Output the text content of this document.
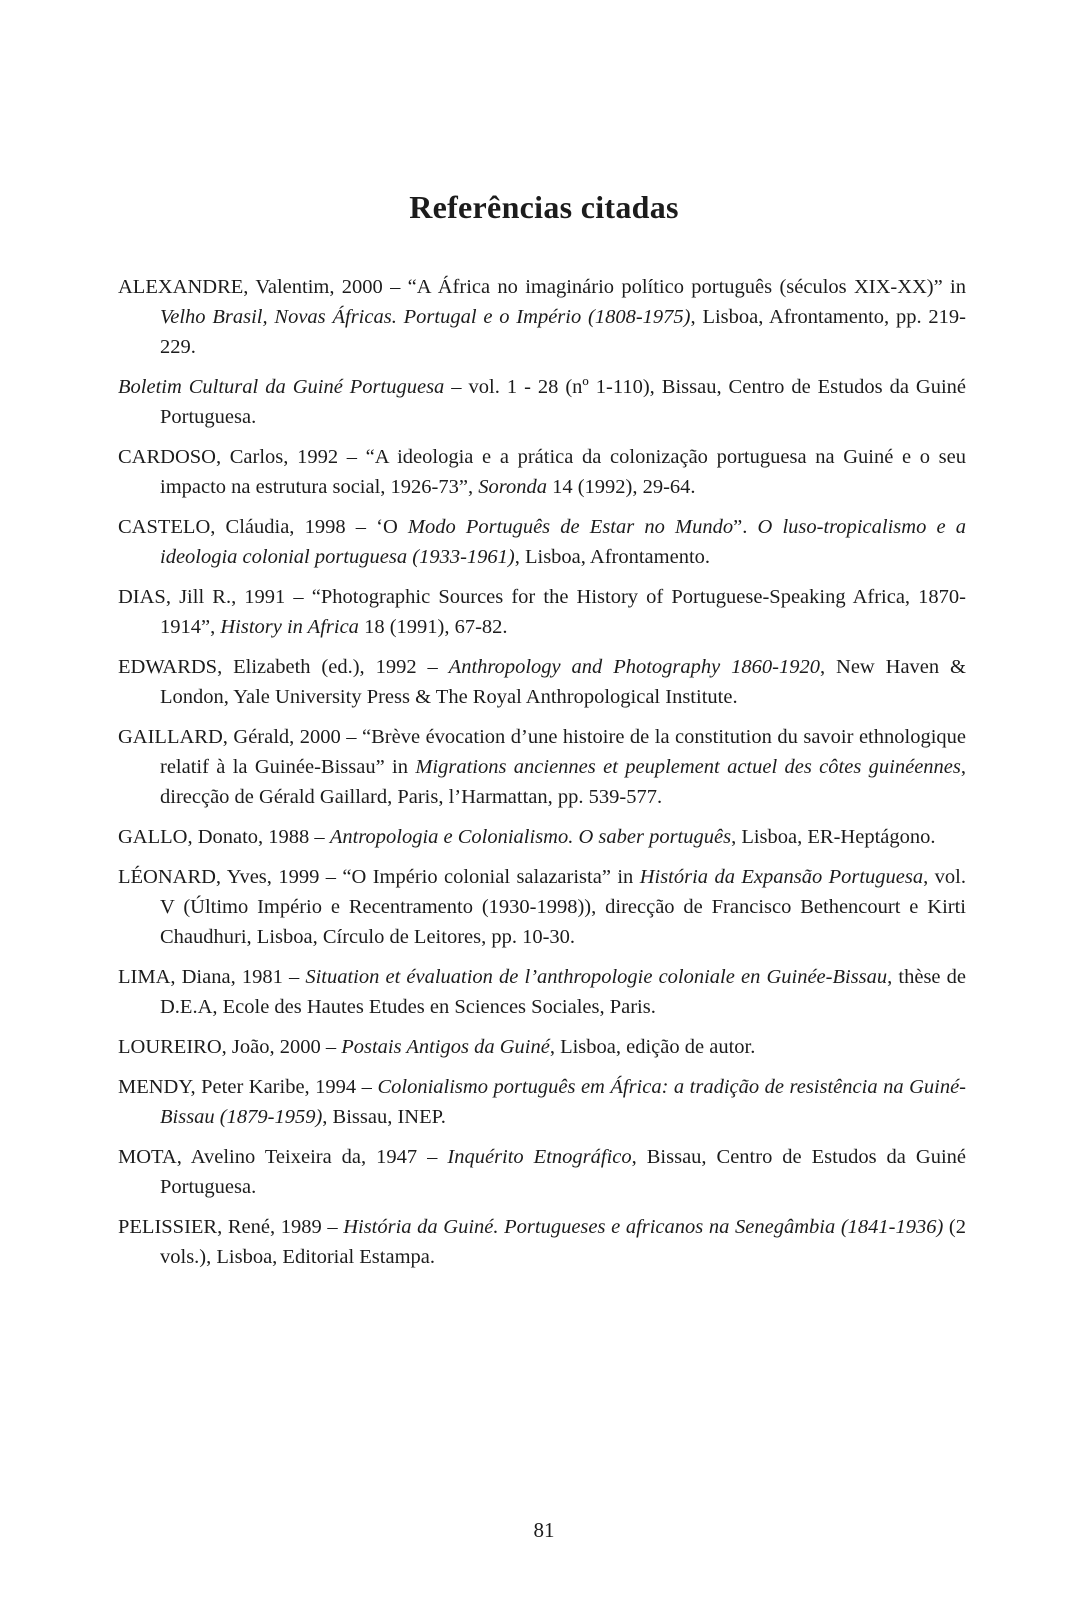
Referências citadas

ALEXANDRE, Valentim, 2000 – “A África no imaginário político português (séculos XIX-XX)” in Velho Brasil, Novas Áfricas. Portugal e o Império (1808-1975), Lisboa, Afrontamento, pp. 219-229.

Boletim Cultural da Guiné Portuguesa – vol. 1 - 28 (nº 1-110), Bissau, Centro de Estudos da Guiné Portuguesa.

CARDOSO, Carlos, 1992 – “A ideologia e a prática da colonização portuguesa na Guiné e o seu impacto na estrutura social, 1926-73”, Soronda 14 (1992), 29-64.

CASTELO, Cláudia, 1998 – ‘O Modo Português de Estar no Mundo”. O luso-tropicalismo e a ideologia colonial portuguesa (1933-1961), Lisboa, Afrontamento.

DIAS, Jill R., 1991 – “Photographic Sources for the History of Portuguese-Speaking Africa, 1870-1914”, History in Africa 18 (1991), 67-82.

EDWARDS, Elizabeth (ed.), 1992 – Anthropology and Photography 1860-1920, New Haven & London, Yale University Press & The Royal Anthropological Institute.

GAILLARD, Gérald, 2000 – “Brève évocation d’une histoire de la constitution du savoir ethnologique relatif à la Guinée-Bissau” in Migrations anciennes et peuplement actuel des côtes guinéennes, direcção de Gérald Gaillard, Paris, l’Harmattan, pp. 539-577.

GALLO, Donato, 1988 – Antropologia e Colonialismo. O saber português, Lisboa, ER-Heptágono.

LÉONARD, Yves, 1999 – “O Império colonial salazarista” in História da Expansão Portuguesa, vol. V (Último Império e Recentramento (1930-1998)), direcção de Francisco Bethencourt e Kirti Chaudhuri, Lisboa, Círculo de Leitores, pp. 10-30.

LIMA, Diana, 1981 – Situation et évaluation de l’anthropologie coloniale en Guinée-Bissau, thèse de D.E.A, Ecole des Hautes Etudes en Sciences Sociales, Paris.

LOUREIRO, João, 2000 – Postais Antigos da Guiné, Lisboa, edição de autor.

MENDY, Peter Karibe, 1994 – Colonialismo português em África: a tradição de resistência na Guiné-Bissau (1879-1959), Bissau, INEP.

MOTA, Avelino Teixeira da, 1947 – Inquérito Etnográfico, Bissau, Centro de Estudos da Guiné Portuguesa.

PELISSIER, René, 1989 – História da Guiné. Portugueses e africanos na Senegâmbia (1841-1936) (2 vols.), Lisboa, Editorial Estampa.

81
